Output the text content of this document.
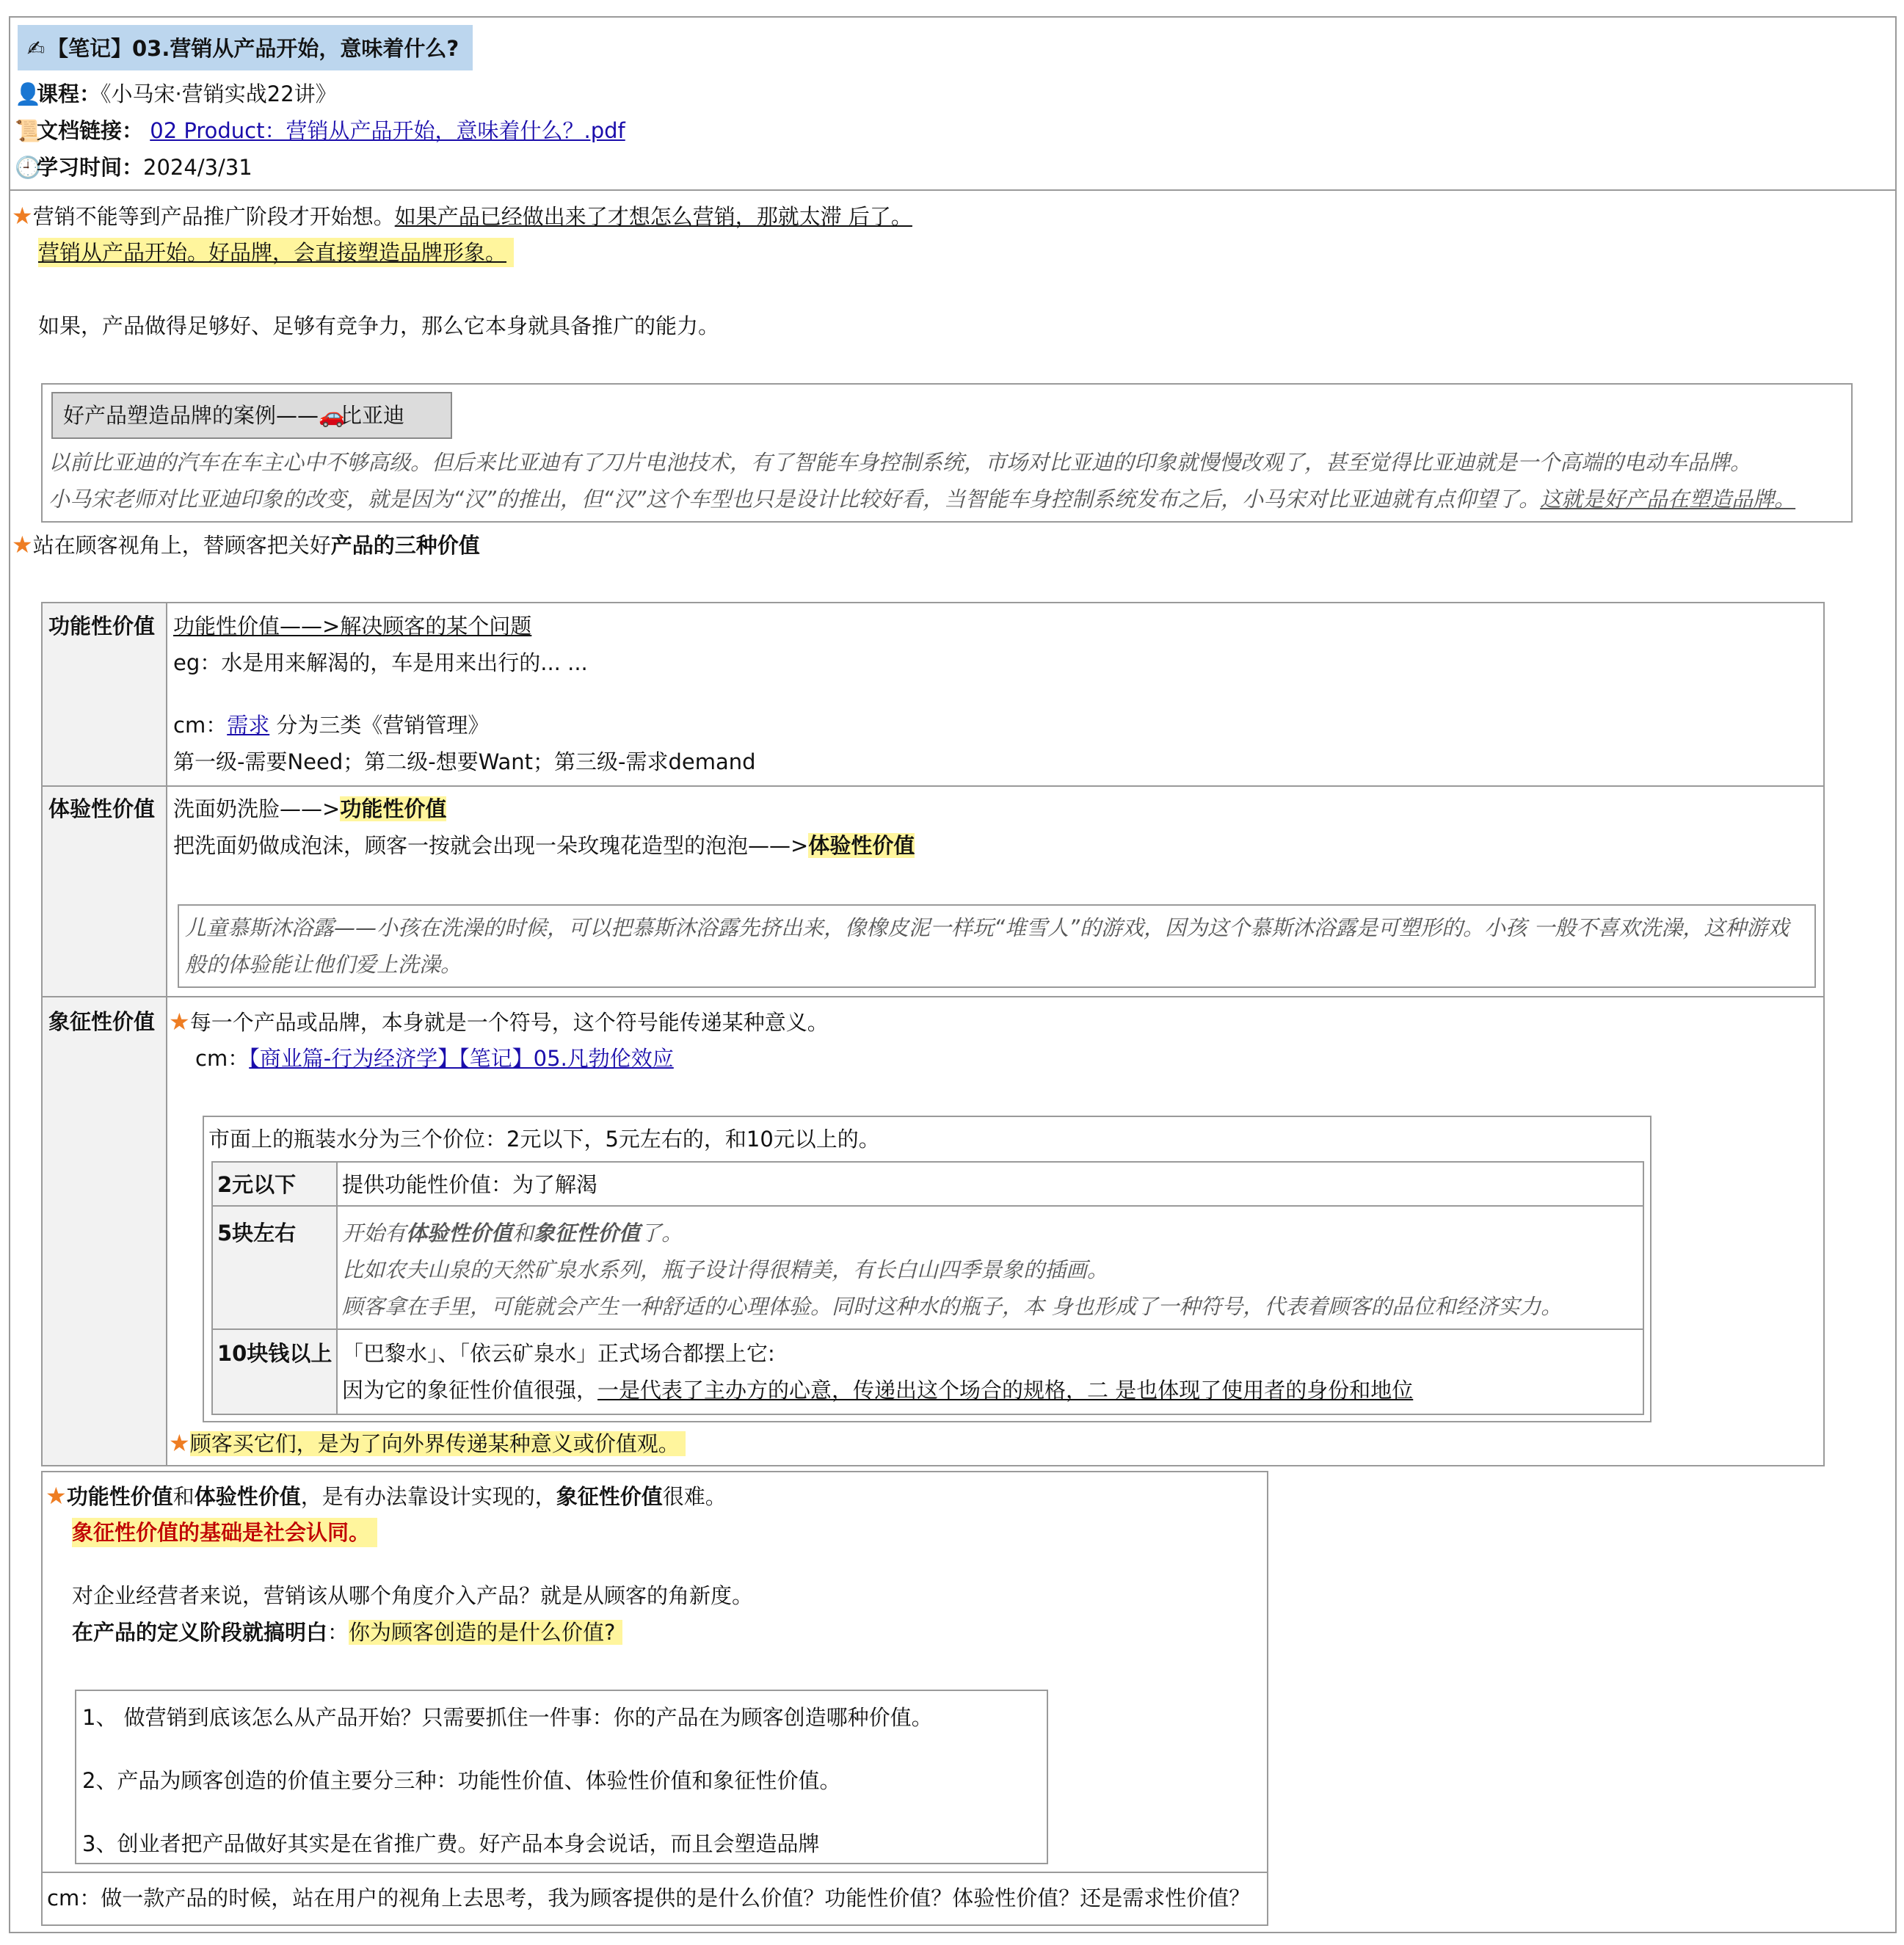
✍【笔记】03.营销从产品开始，意味着什么?
👤课程：《小马宋·营销实战22讲》
📜文档链接： 02 Product：营销从产品开始，意味着什么？.pdf
🕘学习时间：2024/3/31
★营销不能等到产品推广阶段才开始想。如果产品已经做出来了才想怎么营销，那就太滞 后了。
营销从产品开始。好品牌，会直接塑造品牌形象。
如果，产品做得足够好、足够有竞争力，那么它本身就具备推广的能力。
好产品塑造品牌的案例——🚗比亚迪
以前比亚迪的汽车在车主心中不够高级。但后来比亚迪有了刀片电池技术，有了智能车身控制系统，市场对比亚迪的印象就慢慢改观了，甚至觉得比亚迪就是一个高端的电动车品牌。
小马宋老师对比亚迪印象的改变，就是因为“汉”的推出，但“汉”这个车型也只是设计比较好看，当智能车身控制系统发布之后，小马宋对比亚迪就有点仰望了。这就是好产品在塑造品牌。
★站在顾客视角上，替顾客把关好产品的三种价值
功能性价值 功能性价值——>解决顾客的某个问题
eg：水是用来解渴的，车是用来出行的... ...
cm：需求 分为三类《营销管理》
第一级-需要Need；第二级-想要Want；第三级-需求demand
体验性价值 洗面奶洗脸——>功能性价值
把洗面奶做成泡沫，顾客一按就会出现一朵玫瑰花造型的泡泡——>体验性价值
儿童慕斯沐浴露——小孩在洗澡的时候，可以把慕斯沐浴露先挤出来，像橡皮泥一样玩“堆雪人”的游戏，因为这个慕斯沐浴露是可塑形的。小孩 一般不喜欢洗澡，这种游戏
般的体验能让他们爱上洗澡。
象征性价值 ★每一个产品或品牌，本身就是一个符号，这个符号能传递某种意义。
cm：【商业篇-行为经济学】【笔记】05.凡勃伦效应
市面上的瓶装水分为三个价位：2元以下，5元左右的，和10元以上的。
2元以下 提供功能性价值：为了解渴
5块左右 开始有体验性价值和象征性价值了。
比如农夫山泉的天然矿泉水系列，瓶子设计得很精美，有长白山四季景象的插画。
顾客拿在手里，可能就会产生一种舒适的心理体验。同时这种水的瓶子，本 身也形成了一种符号，代表着顾客的品位和经济实力。
10块钱以上 「巴黎水」、「依云矿泉水」正式场合都摆上它:
因为它的象征性价值很强，一是代表了主办方的心意，传递出这个场合的规格，二 是也体现了使用者的身份和地位
★顾客买它们，是为了向外界传递某种意义或价值观。
★功能性价值和体验性价值，是有办法靠设计实现的，象征性价值很难。
象征性价值的基础是社会认同。
对企业经营者来说，营销该从哪个角度介入产品？就是从顾客的角新度。
在产品的定义阶段就搞明白：你为顾客创造的是什么价值?
1、 做营销到底该怎么从产品开始？只需要抓住一件事：你的产品在为顾客创造哪种价值。
2、产品为顾客创造的价值主要分三种：功能性价值、体验性价值和象征性价值。
3、创业者把产品做好其实是在省推广费。好产品本身会说话，而且会塑造品牌
cm：做一款产品的时候，站在用户的视角上去思考，我为顾客提供的是什么价值？功能性价值？体验性价值？还是需求性价值？
